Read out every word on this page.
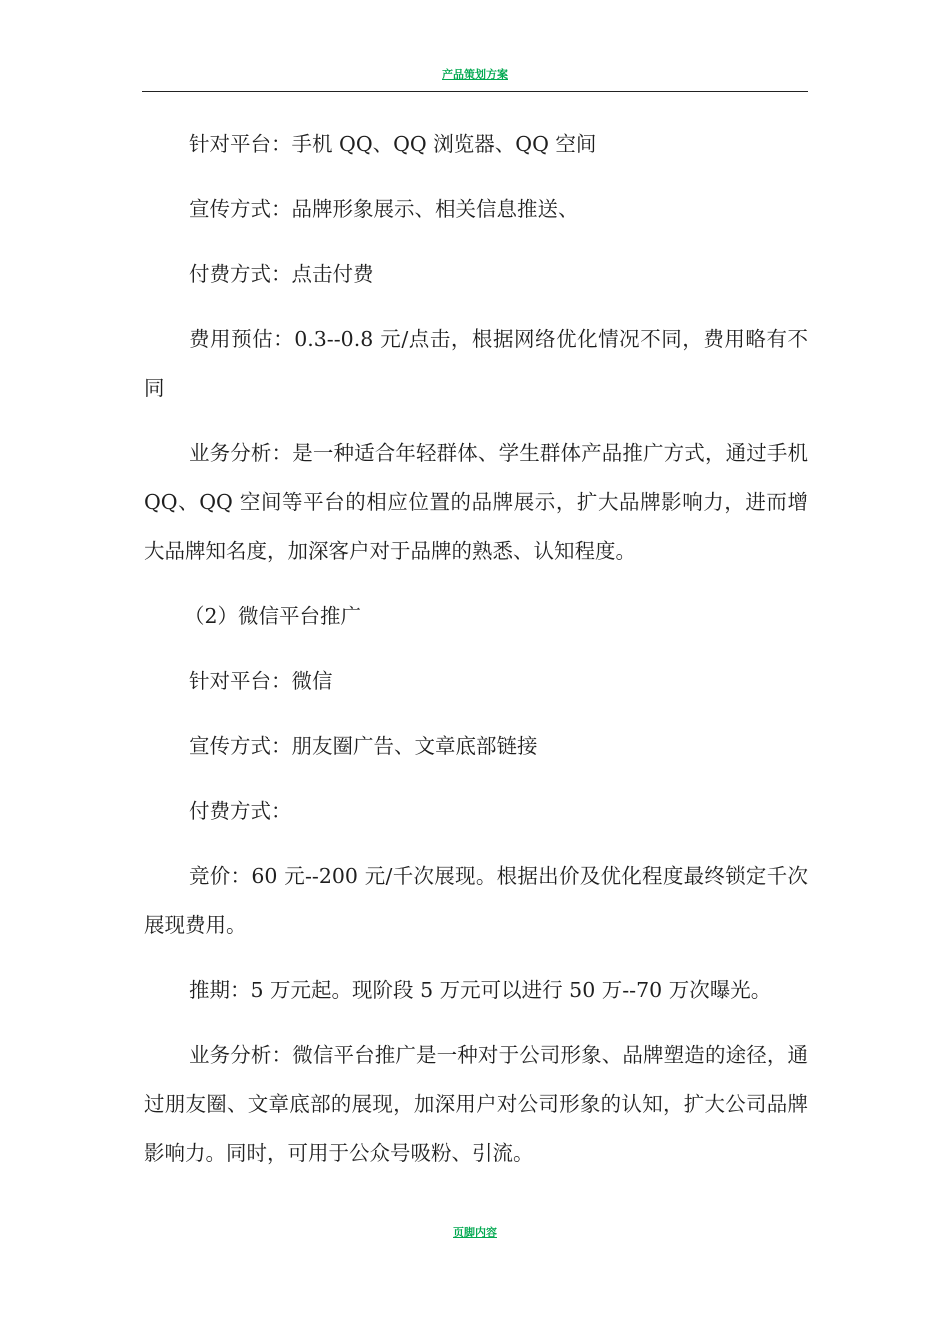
产品策划方案

针对平台：手机 QQ、QQ 浏览器、QQ 空间

宣传方式：品牌形象展示、相关信息推送、

付费方式：点击付费

费用预估：0.3--0.8 元/点击，根据网络优化情况不同，费用略有不同

业务分析：是一种适合年轻群体、学生群体产品推广方式，通过手机 QQ、QQ 空间等平台的相应位置的品牌展示，扩大品牌影响力，进而增大品牌知名度，加深客户对于品牌的熟悉、认知程度。

（2）微信平台推广

针对平台：微信

宣传方式：朋友圈广告、文章底部链接

付费方式：

竞价：60 元--200 元/千次展现。根据出价及优化程度最终锁定千次展现费用。

推期：5 万元起。现阶段 5 万元可以进行 50 万--70 万次曝光。

业务分析：微信平台推广是一种对于公司形象、品牌塑造的途径，通过朋友圈、文章底部的展现，加深用户对公司形象的认知，扩大公司品牌影响力。同时，可用于公众号吸粉、引流。

页脚内容
